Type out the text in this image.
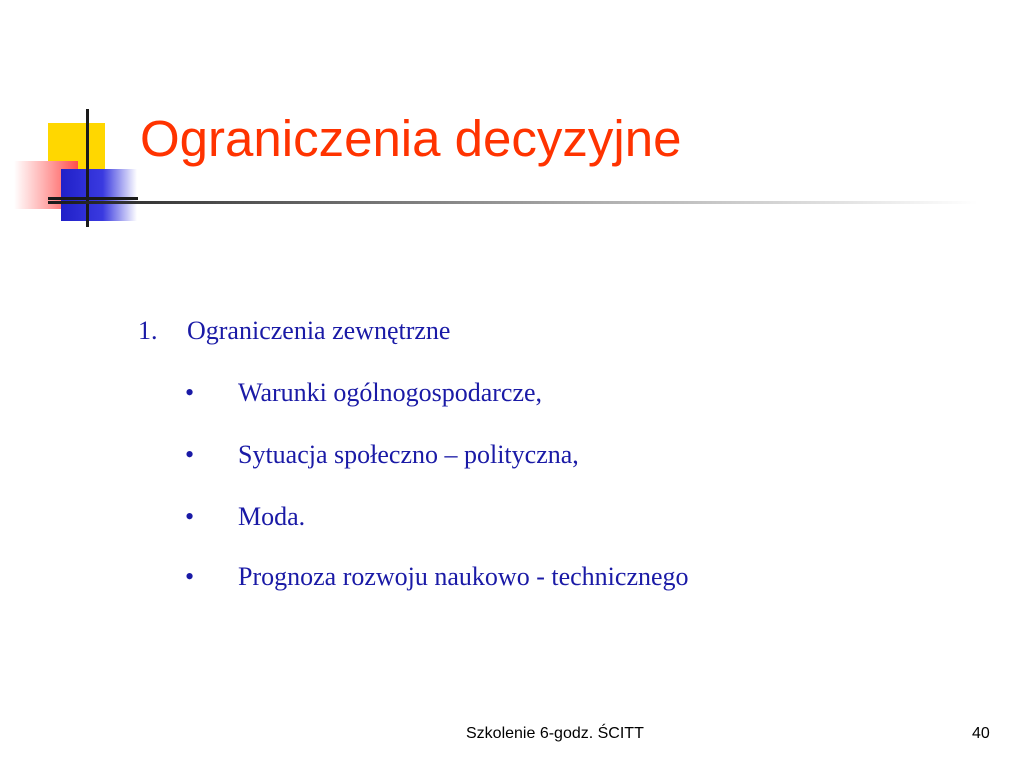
Ograniczenia decyzyjne
1. Ograniczenia zewnętrzne
• Warunki ogólnogospodarcze,
• Sytuacja społeczno – polityczna,
• Moda.
• Prognoza rozwoju naukowo - technicznego
Szkolenie 6-godz. ŚCITT	40
